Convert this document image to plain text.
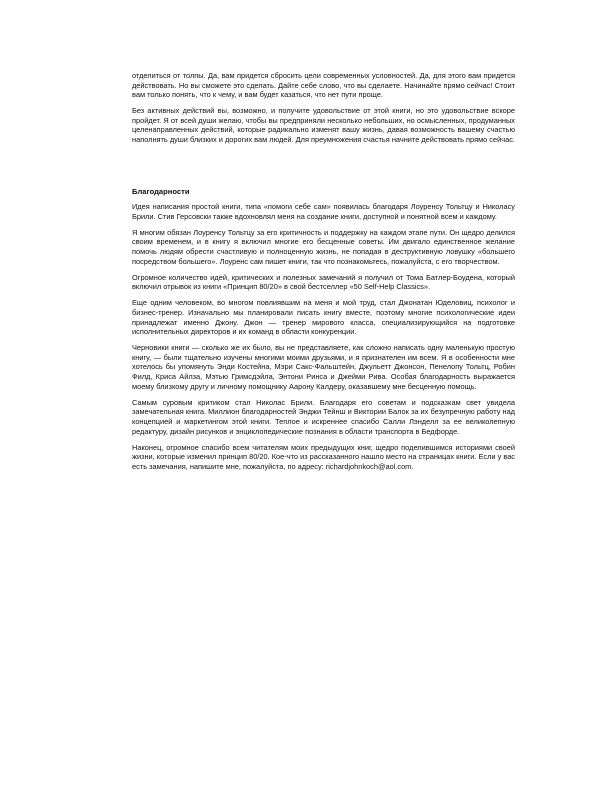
отделиться от толпы. Да, вам придется сбросить цели современных условностей. Да, для этого вам придется действовать. Но вы сможете это сделать. Дайте себе слово, что вы сделаете. Начинайте прямо сейчас! Стоит вам только понять, что к чему, и вам будет казаться, что нет пути проще.

Без активных действий вы, возможно, и получите удовольствие от этой книги, но это удовольствие вскоре пройдет. Я от всей души желаю, чтобы вы предприняли несколько небольших, но осмысленных, продуманных целенаправленных действий, которые радикально изменят вашу жизнь, давая возможность вашему счастью наполнять души близких и дорогих вам людей. Для преумножения счастья начните действовать прямо сейчас.

Благодарности

Идея написания простой книги, типа «помоги себе сам» появилась благодаря Лоуренсу Тольтцу и Николасу Брили. Стив Герсовски также вдохновлял меня на создание книги, доступной и понятной всем и каждому.

Я многим обязан Лоуренсу Тольтцу за его критичность и поддержку на каждом этапе пути. Он щедро делился своим временем, и в книгу я включил многие его бесценные советы. Им двигало единственное желание помочь людям обрести счастливую и полноценную жизнь, не попадая в деструктивную ловушку «большего посредством большего». Лоуренс сам пишет книги, так что познакомьтесь, пожалуйста, с его творчеством.

Огромное количество идей, критических и полезных замечаний я получил от Тома Батлер-Боудена, который включил отрывок из книги «Принцип 80/20» в свой бестселлер «50 Self-Help Classics».

Еще одним человеком, во многом повлиявшим на меня и мой труд, стал Джонатан Юделовиц, психолог и бизнес-тренер. Изначально мы планировали писать книгу вместе, поэтому многие психологические идеи принадлежат именно Джону. Джон — тренер мирового класса, специализирующийся на подготовке исполнительных директоров и их команд в области конкуренции.

Черновики книги — сколько же их было, вы не представляете, как сложно написать одну маленькую простую книгу, — были тщательно изучены многими моими друзьями, и я признателен им всем. Я в особенности мне хотелось бы упомянуть Энди Костейна, Мэри Сакс-Фальштейн, Джульетт Джонсон, Пенелопу Тольтц, Робин Филд, Криса Айлза, Мэтью Гримсдэйла, Энтони Ринса и Джейми Рива. Особая благодарность выражается моему близкому другу и личному помощнику Аарону Калдеру, оказавшему мне бесценную помощь.

Самым суровым критиком стал Николас Брили. Благодаря его советам и подсказкам свет увидела замечательная книга. Миллион благодарностей Энджи Тейнш и Виктории Балок за их безупречную работу над концепцией и маркетингом этой книги. Теплое и искреннее спасибо Салли Лэнделл за ее великолепную редактуру, дизайн рисунков и энциклопедические познания в области транспорта в Бедфорде.

Наконец, огромное спасибо всем читателям моих предыдущих книг, щедро поделившимся историями своей жизни, которые изменил принцип 80/20. Кое-что из рассказанного нашло место на страницах книги. Если у вас есть замечания, напишите мне, пожалуйста, по адресу: richardjohnkoch@aol.com.
